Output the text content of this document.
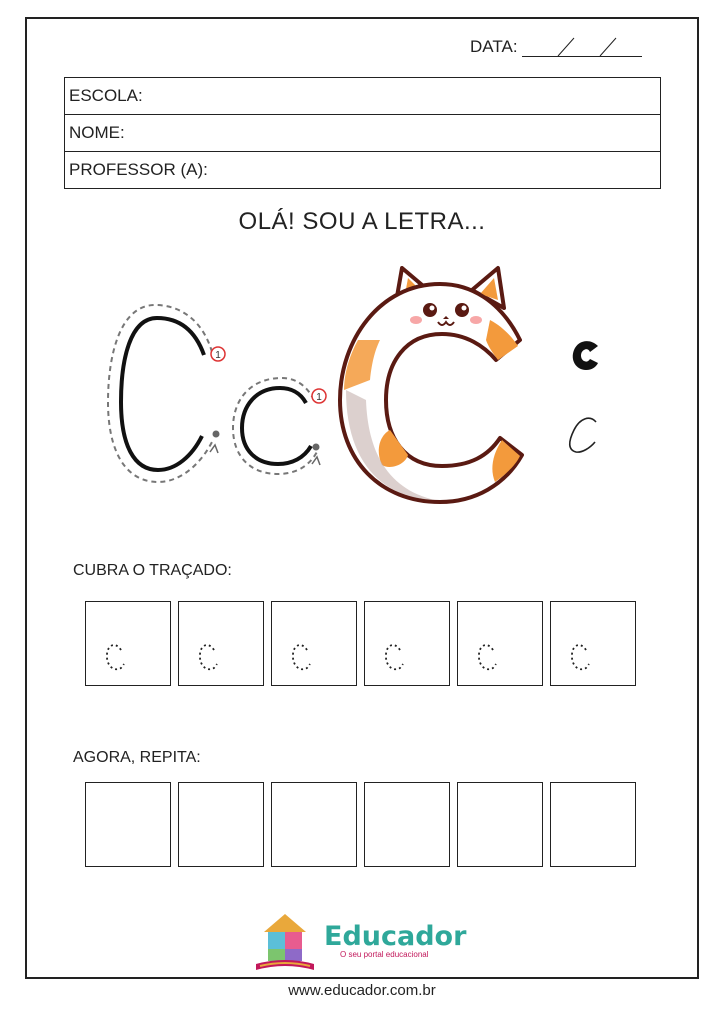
DATA:
ESCOLA:
NOME:
PROFESSOR (A):
OLÁ! SOU A LETRA...
1
1
CUBRA O TRAÇADO:
AGORA, REPITA:
Educador
O seu portal educacional
www.educador.com.br
